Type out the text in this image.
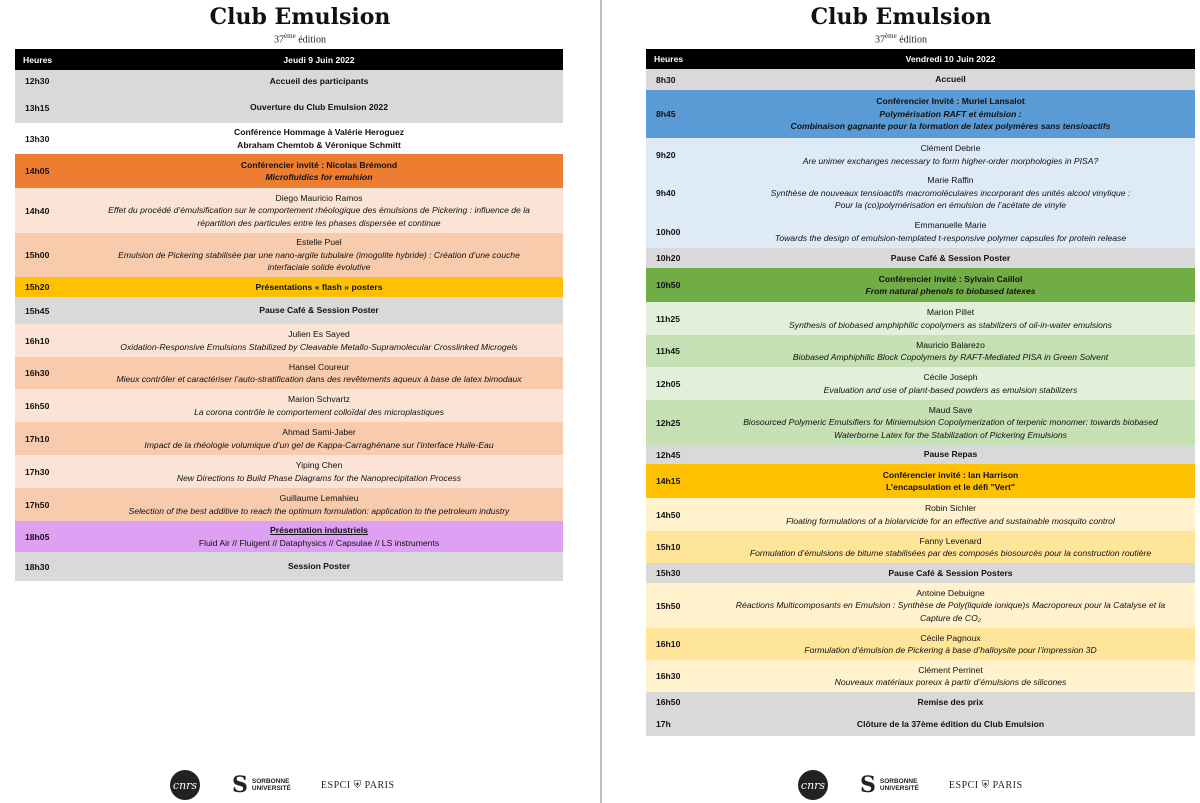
Club Emulsion
37ème édition
Heures	Jeudi 9 Juin 2022
12h30	Accueil des participants

13h15	Ouverture du Club Emulsion 2022

13h30	Conférence Hommage à Valérie Heroguez
Abraham Chemtob & Véronique Schmitt

14h05	Conférencier invité : Nicolas Brémond
Microfluidics for emulsion

14h40	Diego Mauricio Ramos
Effet du procédé d’émulsification sur le comportement rhéologique des émulsions de Pickering : influence de la
répartition des particules entre les phases dispersée et continue

15h00	Estelle Puel
Emulsion de Pickering stabilisée par une nano-argile tubulaire (imogolite hybride) : Création d’une couche
interfaciale solide évolutive

15h20	Présentations « flash » posters

15h45	Pause Café & Session Poster

16h10	Julien Es Sayed
Oxidation-Responsive Emulsions Stabilized by Cleavable Metallo-Supramolecular Crosslinked Microgels

16h30	Hansel Coureur
Mieux contrôler et caractériser l’auto-stratification dans des revêtements aqueux à base de latex bimodaux

16h50	Marion Schvartz
La corona contrôle le comportement colloïdal des microplastiques

17h10	Ahmad Sami-Jaber
Impact de la rhéologie volumique d’un gel de Kappa-Carraghénane sur l’interface Huile-Eau

17h30	Yiping Chen
New Directions to Build Phase Diagrams for the Nanoprecipitation Process

17h50	Guillaume Lemahieu
Selection of the best additive to reach the optimum formulation: application to the petroleum industry

18h05	Présentation industriels
Fluid Air // Fluigent // Dataphysics // Capsulae // LS instruments

18h30	Session Poster
cnrs S SORBONNE
UNIVERSITÉ	ESPCI ⛨ PARIS
Club Emulsion
37ème édition
Heures	Vendredi 10 Juin 2022
8h30	Accueil

8h45	Conférencier Invité : Muriel Lansalot
Polymérisation RAFT et émulsion :
Combinaison gagnante pour la formation de latex polymères sans tensioactifs

9h20	Clément Debrie
Are unimer exchanges necessary to form higher-order morphologies in PISA?

9h40	Marie Raffin
Synthèse de nouveaux tensioactifs macromoléculaires incorporant des unités alcool vinylique :
Pour la (co)polymérisation en émulsion de l’acétate de vinyle

10h00	Emmanuelle Marie
Towards the design of emulsion-templated t-responsive polymer capsules for protein release

10h20	Pause Café & Session Poster

10h50	Conférencier invité : Sylvain Caillol
From natural phenols to biobased latexes

11h25	Marion Pillet
Synthesis of biobased amphiphilic copolymers as stabilizers of oil-in-water emulsions

11h45	Mauricio Balarezo
Biobased Amphiphilic Block Copolymers by RAFT-Mediated PISA in Green Solvent

12h05	Cécile Joseph
Evaluation and use of plant-based powders as emulsion stabilizers

12h25	Maud Save
Biosourced Polymeric Emulsifiers for Miniemulsion Copolymerization of terpenic monomer: towards biobased
Waterborne Latex for the Stabilization of Pickering Emulsions

12h45	Pause Repas

14h15	Conférencier invité : Ian Harrison
L’encapsulation et le défi "Vert"

14h50	Robin Sichler
Floating formulations of a biolarvicide for an effective and sustainable mosquito control

15h10	Fanny Levenard
Formulation d’émulsions de bitume stabilisées par des composés biosourcés pour la construction routière

15h30	Pause Café & Session Posters

15h50	Antoine Debuigne
Réactions Multicomposants en Emulsion : Synthèse de Poly(liquide ionique)s Macroporeux pour la Catalyse et la
Capture de CO₂

16h10	Cécile Pagnoux
Formulation d’émulsion de Pickering à base d’halloysite pour l’impression 3D

16h30	Clément Perrinet
Nouveaux matériaux poreux à partir d’émulsions de silicones

16h50	Remise des prix

17h	Clôture de la 37ème édition du Club Emulsion
cnrs S SORBONNE
UNIVERSITÉ	ESPCI ⛨ PARIS
